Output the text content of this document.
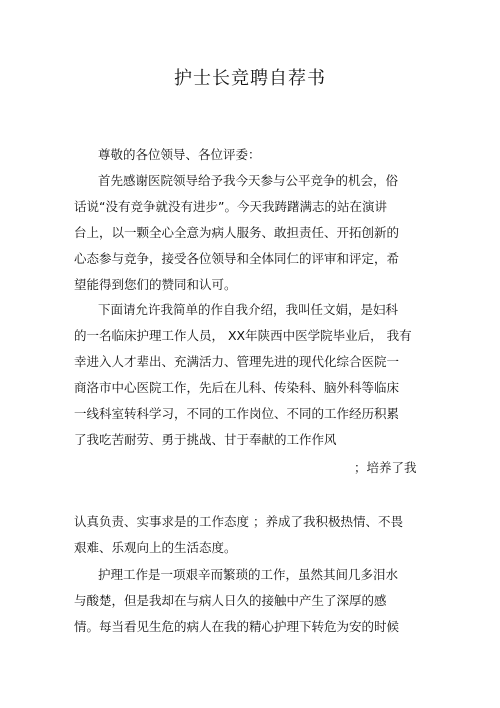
护士长竞聘自荐书
尊敬的各位领导、各位评委：
首先感谢医院领导给予我今天参与公平竞争的机会，俗
话说“没有竞争就没有进步”。今天我踌躇满志的站在演讲
台上，以一颗全心全意为病人服务、敢担责任、开拓创新的
心态参与竞争，接受各位领导和全体同仁的评审和评定，希
望能得到您们的赞同和认可。
下面请允许我简单的作自我介绍，我叫任文娟，是妇科
的一名临床护理工作人员， XX年陕西中医学院毕业后， 我有
幸进入人才辈出、充满活力、管理先进的现代化综合医院一
商洛市中心医院工作，先后在儿科、传染科、脑外科等临床
一线科室转科学习，不同的工作岗位、不同的工作经历积累
了我吃苦耐劳、勇于挑战、甘于奉献的工作作风
；培养了我
认真负责、实事求是的工作态度 ；养成了我积极热情、不畏
艰难、乐观向上的生活态度。
护理工作是一项艰辛而繁琐的工作，虽然其间几多泪水
与酸楚，但是我却在与病人日久的接触中产生了深厚的感
情。每当看见生危的病人在我的精心护理下转危为安的时候
